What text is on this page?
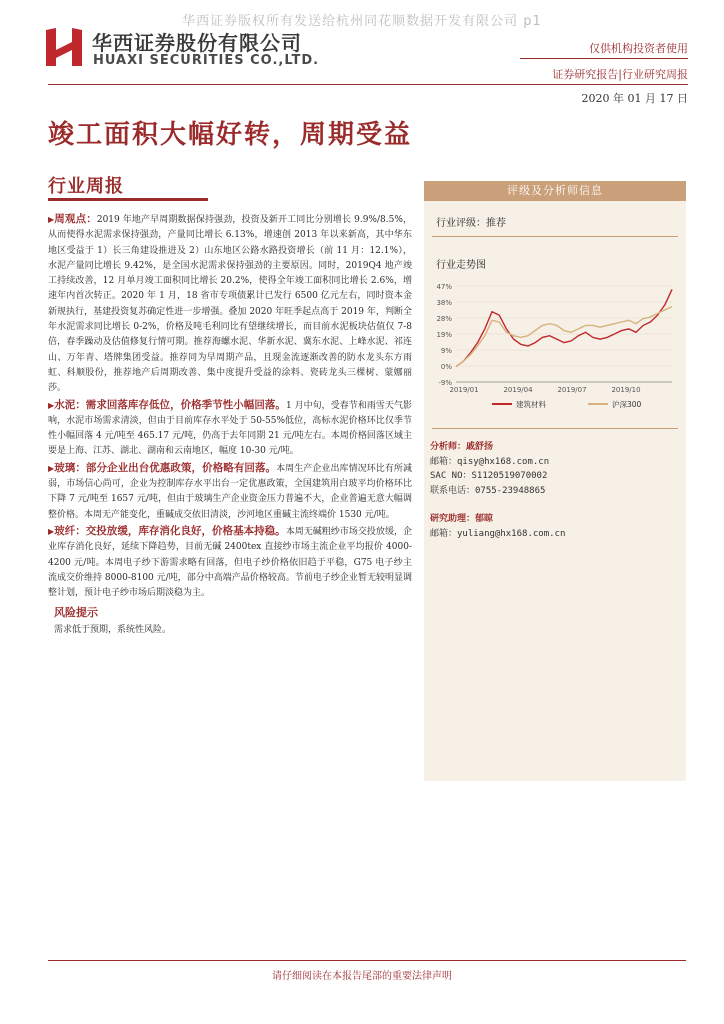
华西证券版权所有发送给杭州同花顺数据开发有限公司 p1
华西证券股份有限公司
HUAXI SECURITIES CO.,LTD.
仅供机构投资者使用
证券研究报告|行业研究周报
2020 年 01 月 17 日
竣工面积大幅好转，周期受益
行业周报

▶周观点：2019 年地产早周期数据保持强劲，投资及新开工同比分别增长 9.9%/8.5%，从而使得水泥需求保持强劲，产量同比增长 6.13%，增速创 2013 年以来新高，其中华东地区受益于 1）长三角建设推进及 2）山东地区公路水路投资增长（前 11 月：12.1%），水泥产量同比增长 9.42%，是全国水泥需求保持强劲的主要原因。同时，2019Q4 地产竣工持续改善，12 月单月竣工面积同比增长 20.2%，使得全年竣工面积同比增长 2.6%，增速年内首次转正。2020 年 1 月，18 省市专项债累计已发行 6500 亿元左右，同时资本金新规执行，基建投资复苏确定性进一步增强。叠加 2020 年旺季起点高于 2019 年，判断全年水泥需求同比增长 0-2%，价格及吨毛利同比有望继续增长，而目前水泥板块估值仅 7-8 倍，春季躁动及估值修复行情可期。推荐海螺水泥、华新水泥、冀东水泥、上峰水泥、祁连山、万年青、塔牌集团受益。推荐同为早周期产品，且现金流逐渐改善的防水龙头东方雨虹、科顺股份，推荐地产后周期改善、集中度提升受益的涂料、瓷砖龙头三棵树、蒙娜丽莎。

▶水泥：需求回落库存低位，价格季节性小幅回落。1 月中旬，受春节和雨雪天气影响，水泥市场需求清淡，但由于目前库存水平处于 50-55%低位，高标水泥价格环比仅季节性小幅回落 4 元/吨至 465.17 元/吨，仍高于去年同期 21 元/吨左右。本周价格回落区域主要是上海、江苏、湖北、湖南和云南地区，幅度 10-30 元/吨。

▶玻璃：部分企业出台优惠政策，价格略有回落。本周生产企业出库情况环比有所减弱，市场信心尚可，企业为控制库存水平出台一定优惠政策，全国建筑用白玻平均价格环比下降 7 元/吨至 1657 元/吨，但由于玻璃生产企业资金压力普遍不大，企业普遍无意大幅调整价格。本周无产能变化，重碱成交依旧清淡，沙河地区重碱主流终端价 1530 元/吨。

▶玻纤：交投放缓，库存消化良好，价格基本持稳。本周无碱粗纱市场交投放缓，企业库存消化良好，延续下降趋势，目前无碱 2400tex 直接纱市场主流企业平均报价 4000-4200 元/吨。本周电子纱下游需求略有回落，但电子纱价格依旧趋于平稳，G75 电子纱主流成交价维持 8000-8100 元/吨，部分中高端产品价格较高。节前电子纱企业暂无较明显调整计划，预计电子纱市场后期淡稳为主。

风险提示
需求低于预期，系统性风险。
评级及分析师信息
行业评级：推荐
行业走势图
47%
38%
28%
19%
9%
0%
-9%
2019/01	2019/04	2019/07	2019/10
建筑材料	沪深300
分析师：戚舒扬
邮箱：qisy@hx168.com.cn
SAC NO：S1120519070002
联系电话：0755-23948865
研究助理：郁晾
邮箱：yuliang@hx168.com.cn
请仔细阅读在本报告尾部的重要法律声明
